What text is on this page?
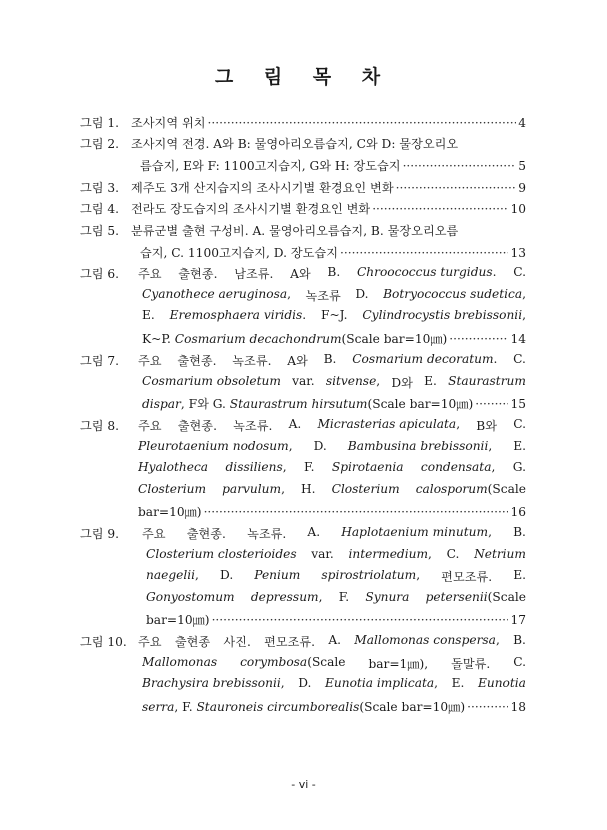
그 림 목 차
그림 1. 조사지역 위치 ·····	4
그림 2. 조사지역 전경. A와 B: 물영아리오름습지, C와 D: 물장오리오
름습지, E와 F: 1100고지습지, G와 H: 장도습지 ·····	5
그림 3. 제주도 3개 산지습지의 조사시기별 환경요인 변화 ·····	9
그림 4. 전라도 장도습지의 조사시기별 환경요인 변화 ·····	10
그림 5. 분류군별 출현 구성비. A. 물영아리오름습지, B. 물장오리오름
습지, C. 1100고지습지, D. 장도습지 ·····	13
그림 6.	주요 출현종. 남조류. A와 B. Chroococcus turgidus. C.
Cyanothece aeruginosa, 녹조류 D. Botryococcus sudetica,
E. Eremosphaera viridis. F~J. Cylindrocystis brebissonii,
K~P. Cosmarium decachondrum(Scale bar=10㎛) ·····	14
그림 7.	주요 출현종. 녹조류. A와 B. Cosmarium decoratum. C.
Cosmarium obsoletum var. sitvense, D와 E. Staurastrum
dispar, F와 G. Staurastrum hirsutum(Scale bar=10㎛) ·····	15
그림 8.	주요 출현종. 녹조류. A. Micrasterias apiculata, B와 C.
Pleurotaenium nodosum, D. Bambusina brebissonii, E.
Hyalotheca dissiliens, F. Spirotaenia condensata, G.
Closterium parvulum, H. Closterium calosporum(Scale
bar=10㎛) ·····	16
그림 9.	주요 출현종. 녹조류. A. Haplotaenium minutum, B.
Closterium closterioides var. intermedium, C. Netrium
naegelii, D. Penium spirostriolatum, 편모조류. E.
Gonyostomum depressum, F. Synura petersenii(Scale
bar=10㎛) ·····	17
그림 10. 주요 출현종 사진. 편모조류. A. Mallomonas conspersa, B.
Mallomonas corymbosa(Scale bar=1㎛), 돌말류. C.
Brachysira brebissonii, D. Eunotia implicata, E. Eunotia
serra, F. Stauroneis circumborealis(Scale bar=10㎛) ·····	18
- vi -
